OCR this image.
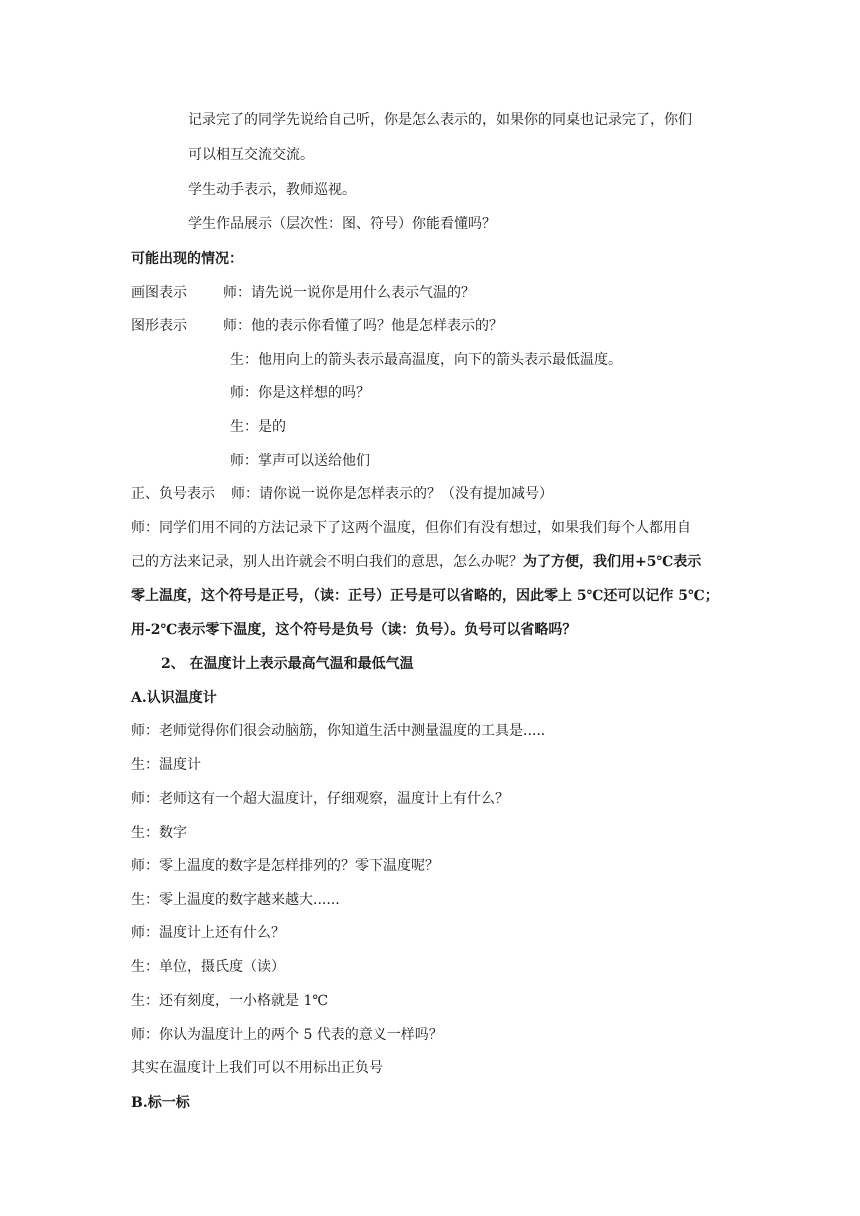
记录完了的同学先说给自己听，你是怎么表示的，如果你的同桌也记录完了，你们
可以相互交流交流。
学生动手表示，教师巡视。
学生作品展示（层次性：图、符号）你能看懂吗？
可能出现的情况：
画图表示	师：请先说一说你是用什么表示气温的？
图形表示	师：他的表示你看懂了吗？他是怎样表示的？
生：他用向上的箭头表示最高温度，向下的箭头表示最低温度。
师：你是这样想的吗？
生：是的
师：掌声可以送给他们
正、负号表示 师：请你说一说你是怎样表示的？（没有提加减号）
师：同学们用不同的方法记录下了这两个温度，但你们有没有想过，如果我们每个人都用自
己的方法来记录，别人出许就会不明白我们的意思，怎么办呢？为了方便，我们用+5℃表示
零上温度，这个符号是正号，（读：正号）正号是可以省略的，因此零上 5℃还可以记作 5℃；
用-2℃表示零下温度，这个符号是负号（读：负号）。负号可以省略吗？
2、 在温度计上表示最高气温和最低气温
A.认识温度计
师：老师觉得你们很会动脑筋，你知道生活中测量温度的工具是.....
生：温度计
师：老师这有一个超大温度计，仔细观察，温度计上有什么？
生：数字
师：零上温度的数字是怎样排列的？零下温度呢？
生：零上温度的数字越来越大......
师：温度计上还有什么？
生：单位，摄氏度（读）
生：还有刻度，一小格就是 1℃
师：你认为温度计上的两个 5 代表的意义一样吗？
其实在温度计上我们可以不用标出正负号
B.标一标
